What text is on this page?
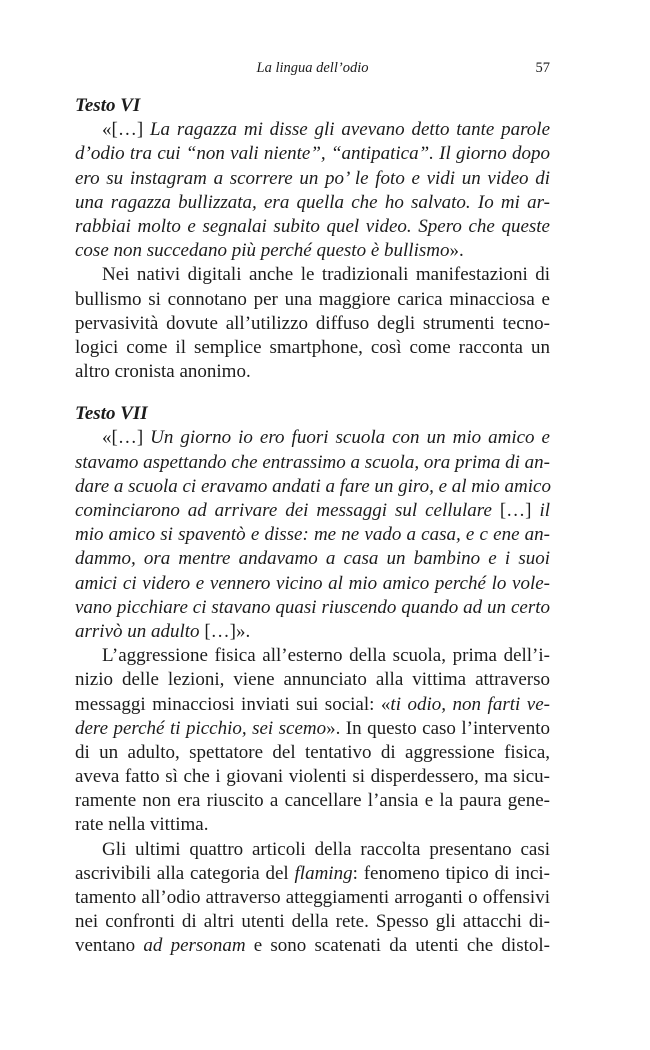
La lingua dell’odio	57
Testo VI
«[…] La ragazza mi disse gli avevano detto tante parole
d’odio tra cui “non vali niente”, “antipatica”. Il giorno dopo
ero su instagram a scorrere un po’ le foto e vidi un video di
una ragazza bullizzata, era quella che ho salvato. Io mi ar-
rabbiai molto e segnalai subito quel video. Spero che queste
cose non succedano più perché questo è bullismo».
Nei nativi digitali anche le tradizionali manifestazioni di
bullismo si connotano per una maggiore carica minacciosa e
pervasività dovute all’utilizzo diffuso degli strumenti tecno-
logici come il semplice smartphone, così come racconta un
altro cronista anonimo.
Testo VII
«[…] Un giorno io ero fuori scuola con un mio amico e
stavamo aspettando che entrassimo a scuola, ora prima di an-
dare a scuola ci eravamo andati a fare un giro, e al mio amico
cominciarono ad arrivare dei messaggi sul cellulare […] il
mio amico si spaventò e disse: me ne vado a casa, e c ene an-
dammo, ora mentre andavamo a casa un bambino e i suoi
amici ci videro e vennero vicino al mio amico perché lo vole-
vano picchiare ci stavano quasi riuscendo quando ad un certo
arrivò un adulto […]».
L’aggressione fisica all’esterno della scuola, prima dell’i-
nizio delle lezioni, viene annunciato alla vittima attraverso
messaggi minacciosi inviati sui social: «ti odio, non farti ve-
dere perché ti picchio, sei scemo». In questo caso l’intervento
di un adulto, spettatore del tentativo di aggressione fisica,
aveva fatto sì che i giovani violenti si disperdessero, ma sicu-
ramente non era riuscito a cancellare l’ansia e la paura gene-
rate nella vittima.
Gli ultimi quattro articoli della raccolta presentano casi
ascrivibili alla categoria del flaming: fenomeno tipico di inci-
tamento all’odio attraverso atteggiamenti arroganti o offensivi
nei confronti di altri utenti della rete. Spesso gli attacchi di-
ventano ad personam e sono scatenati da utenti che distol-
